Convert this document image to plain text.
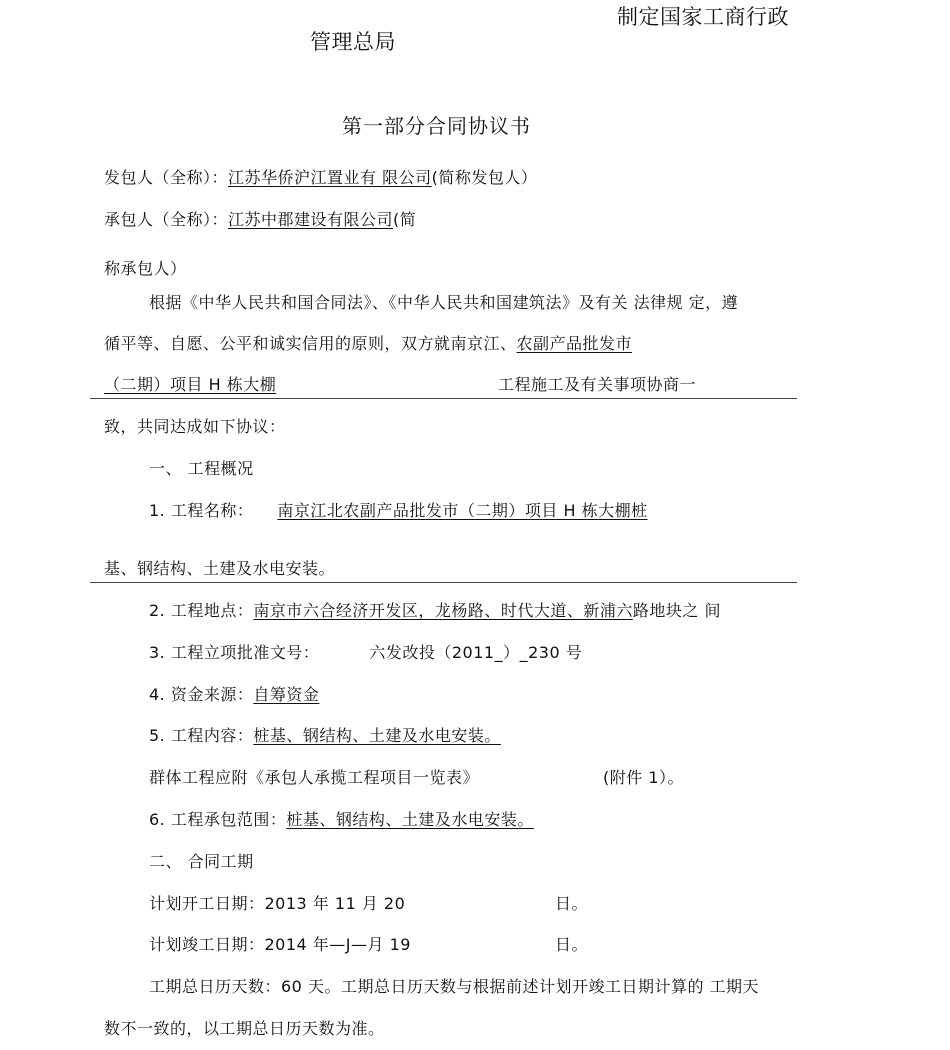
制定国家工商行政
管理总局
第一部分合同协议书
发包人（全称）：江苏华侨沪江置业有 限公司(简称发包人）
承包人（全称）：江苏中郡建设有限公司(简
称承包人）
根据《中华人民共和国合同法》、《中华人民共和国建筑法》及有关 法律规 定，遵
循平等、自愿、公平和诚实信用的原则，双方就南京江、农副产品批发市
（二期）项目 H 栋大棚	工程施工及有关事项协商一
致，共同达成如下协议：
一、 工程概况
1. 工程名称： 南京江北农副产品批发市（二期）项目 H 栋大棚桩
基、钢结构、土建及水电安装。
2. 工程地点：南京市六合经济开发区，龙杨路、时代大道、新浦六路地块之 间
3. 工程立项批准文号：	六发改投（2011_）_230 号
4. 资金来源：自筹资金
5. 工程内容：桩基、钢结构、土建及水电安装。
群体工程应附《承包人承揽工程项目一览表》	(附件 1）。
6. 工程承包范围：桩基、钢结构、土建及水电安装。
二、 合同工期
计划开工日期：2013 年 11 月 20	日。
计划竣工日期：2014 年—J—月 19	日。
工期总日历天数：60 天。工期总日历天数与根据前述计划开竣工日期计算的 工期天
数不一致的，以工期总日历天数为准。
